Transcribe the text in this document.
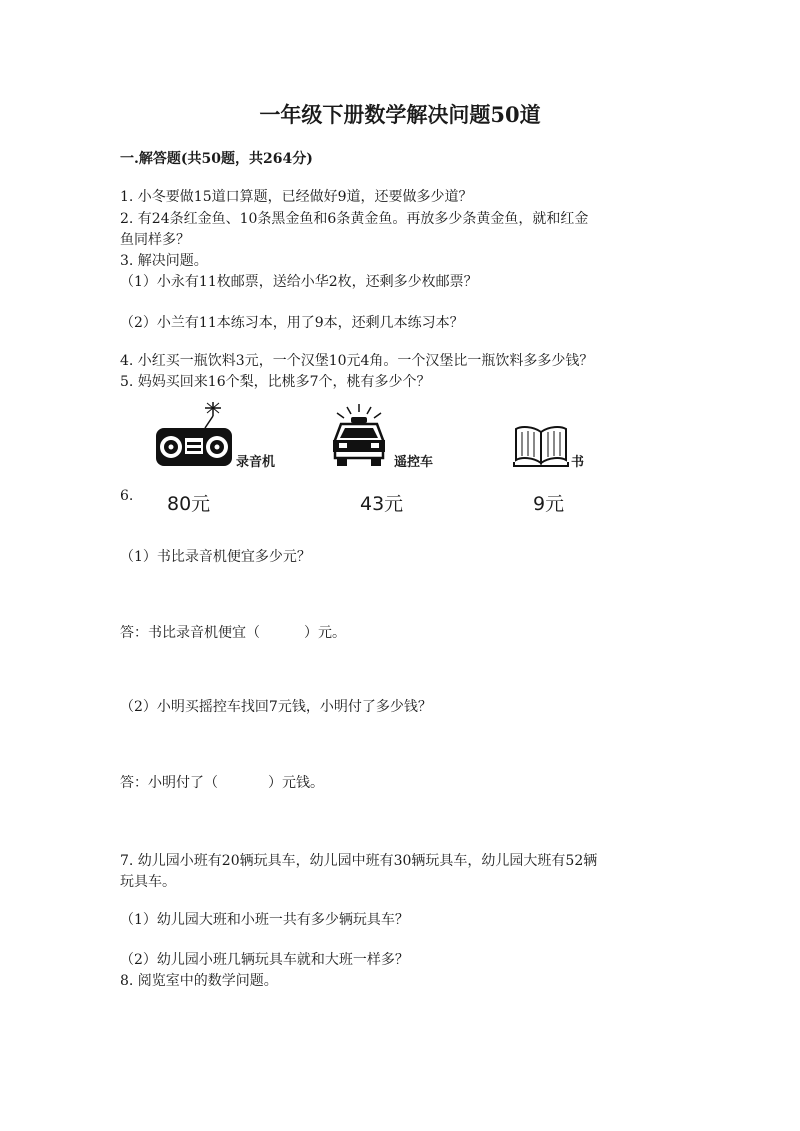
一年级下册数学解决问题50道
一.解答题(共50题，共264分)
1. 小冬要做15道口算题，已经做好9道，还要做多少道？
2. 有24条红金鱼、10条黑金鱼和6条黄金鱼。再放多少条黄金鱼，就和红金
鱼同样多？
3. 解决问题。
（1）小永有11枚邮票，送给小华2枚，还剩多少枚邮票？
（2）小兰有11本练习本，用了9本，还剩几本练习本？
4. 小红买一瓶饮料3元，一个汉堡10元4角。一个汉堡比一瓶饮料多多少钱？
5. 妈妈买回来16个梨，比桃多7个，桃有多少个？
6.
录音机
80元
遥控车
43元
书
9元
（1）书比录音机便宜多少元？
答：书比录音机便宜（	）元。
（2）小明买摇控车找回7元钱，小明付了多少钱？
答：小明付了（	）元钱。
7. 幼儿园小班有20辆玩具车，幼儿园中班有30辆玩具车，幼儿园大班有52辆
玩具车。
（1）幼儿园大班和小班一共有多少辆玩具车？
（2）幼儿园小班几辆玩具车就和大班一样多？
8. 阅览室中的数学问题。
